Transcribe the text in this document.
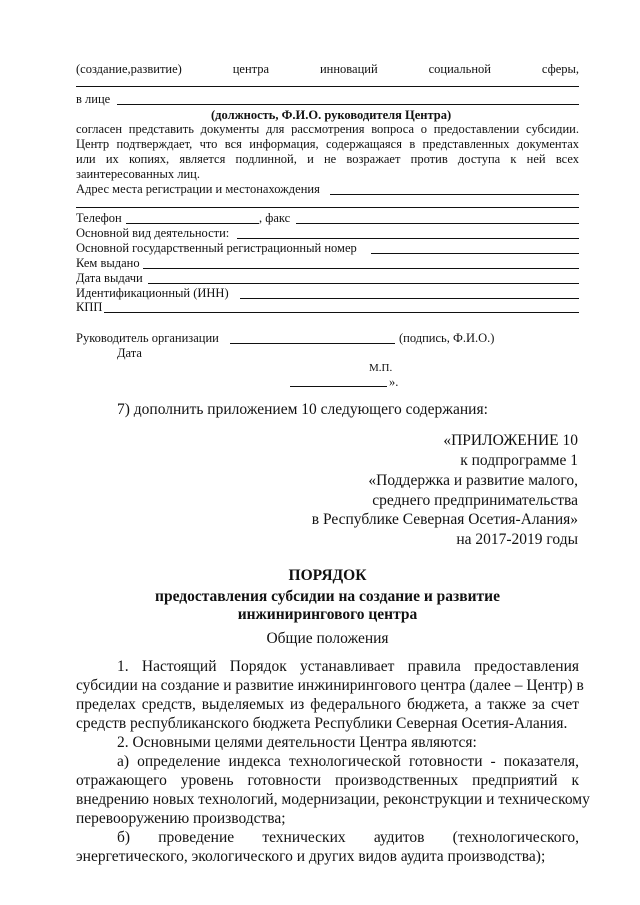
(создание,развитие)	центра	инноваций	социальной	сферы,
в лице
(должность, Ф.И.О. руководителя Центра)
согласен представить документы для рассмотрения вопроса о предоставлении субсидии.
Центр подтверждает, что вся информация, содержащаяся в представленных документах
или их копиях, является подлинной, и не возражает против доступа к ней всех
заинтересованных лиц.
Адрес места регистрации и местонахождения
Телефон	, факс
Основной вид деятельности:
Основной государственный регистрационный номер
Кем выдано
Дата выдачи
Идентификационный (ИНН)
КПП
Руководитель организации	(подпись, Ф.И.О.)
Дата
М.П.
».
7) дополнить приложением 10 следующего содержания:
«ПРИЛОЖЕНИЕ 10
к подпрограмме 1
«Поддержка и развитие малого,
среднего предпринимательства
в Республике Северная Осетия-Алания»
на 2017-2019 годы
ПОРЯДОК
предоставления субсидии на создание и развитие
инжинирингового центра
Общие положения
1. Настоящий Порядок устанавливает правила предоставления
субсидии на создание и развитие инжинирингового центра (далее – Центр) в
пределах средств, выделяемых из федерального бюджета, а также за счет
средств республиканского бюджета Республики Северная Осетия-Алания.
2. Основными целями деятельности Центра являются:
а) определение индекса технологической готовности - показателя,
отражающего уровень готовности производственных предприятий к
внедрению новых технологий, модернизации, реконструкции и техническому
перевооружению производства;
б) проведение технических аудитов (технологического,
энергетического, экологического и других видов аудита производства);
